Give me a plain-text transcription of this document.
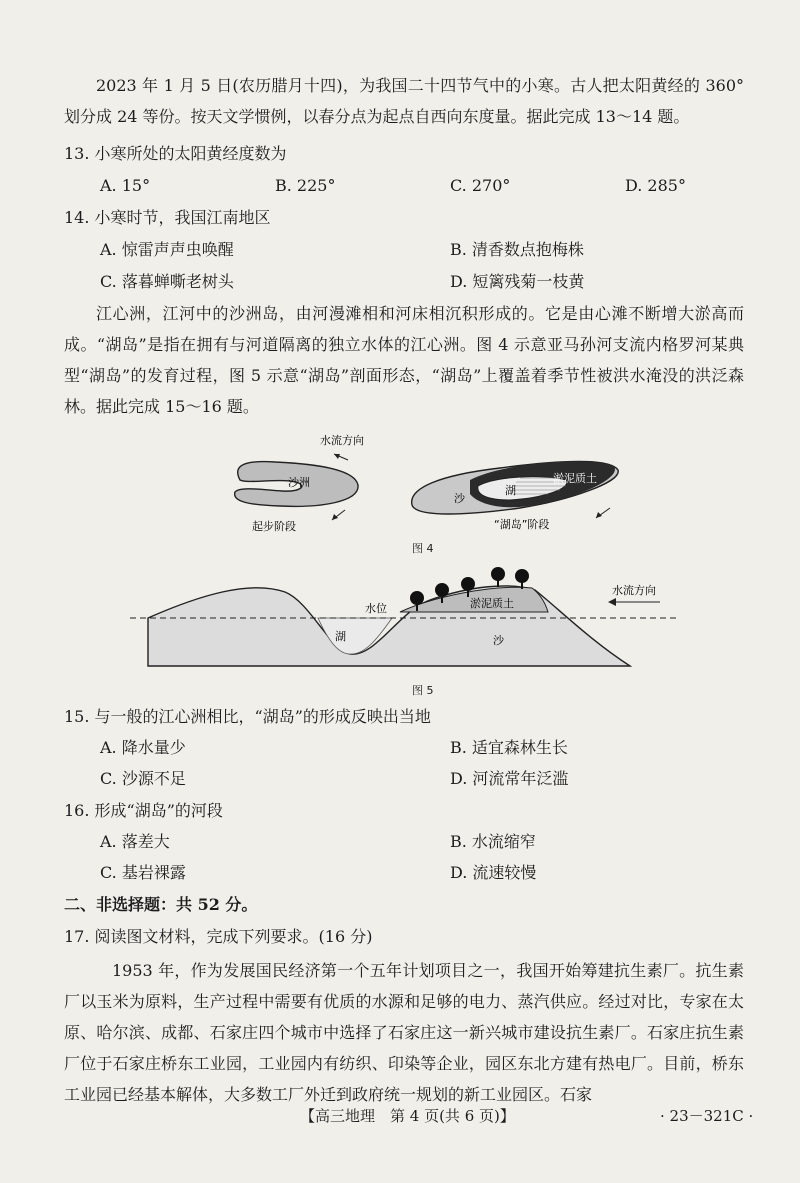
2023 年 1 月 5 日(农历腊月十四)，为我国二十四节气中的小寒。古人把太阳黄经的 360°划分成 24 等份。按天文学惯例，以春分点为起点自西向东度量。据此完成 13～14 题。
13. 小寒所处的太阳黄经度数为
A. 15°	B. 225°	C. 270°	D. 285°
14. 小寒时节，我国江南地区
A. 惊雷声声虫唤醒	B. 清香数点抱梅株
C. 落暮蝉嘶老树头	D. 短篱残菊一枝黄
江心洲，江河中的沙洲岛，由河漫滩相和河床相沉积形成的。它是由心滩不断增大淤高而成。“湖岛”是指在拥有与河道隔离的独立水体的江心洲。图 4 示意亚马孙河支流内格罗河某典型“湖岛”的发育过程，图 5 示意“湖岛”剖面形态，“湖岛”上覆盖着季节性被洪水淹没的洪泛森林。据此完成 15～16 题。
水流方向
沙洲
起步阶段
沙
湖
淤泥质土
“湖岛”阶段
图 4
水位	淤泥质土
湖	沙
水流方向
图 5
15. 与一般的江心洲相比，“湖岛”的形成反映出当地
A. 降水量少	B. 适宜森林生长
C. 沙源不足	D. 河流常年泛滥
16. 形成“湖岛”的河段
A. 落差大	B. 水流缩窄
C. 基岩裸露	D. 流速较慢
二、非选择题：共 52 分。
17. 阅读图文材料，完成下列要求。(16 分)
1953 年，作为发展国民经济第一个五年计划项目之一，我国开始筹建抗生素厂。抗生素厂以玉米为原料，生产过程中需要有优质的水源和足够的电力、蒸汽供应。经过对比，专家在太原、哈尔滨、成都、石家庄四个城市中选择了石家庄这一新兴城市建设抗生素厂。石家庄抗生素厂位于石家庄桥东工业园，工业园内有纺织、印染等企业，园区东北方建有热电厂。目前，桥东工业园已经基本解体，大多数工厂外迁到政府统一规划的新工业园区。石家
【高三地理　第 4 页(共 6 页)】	· 23－321C ·
